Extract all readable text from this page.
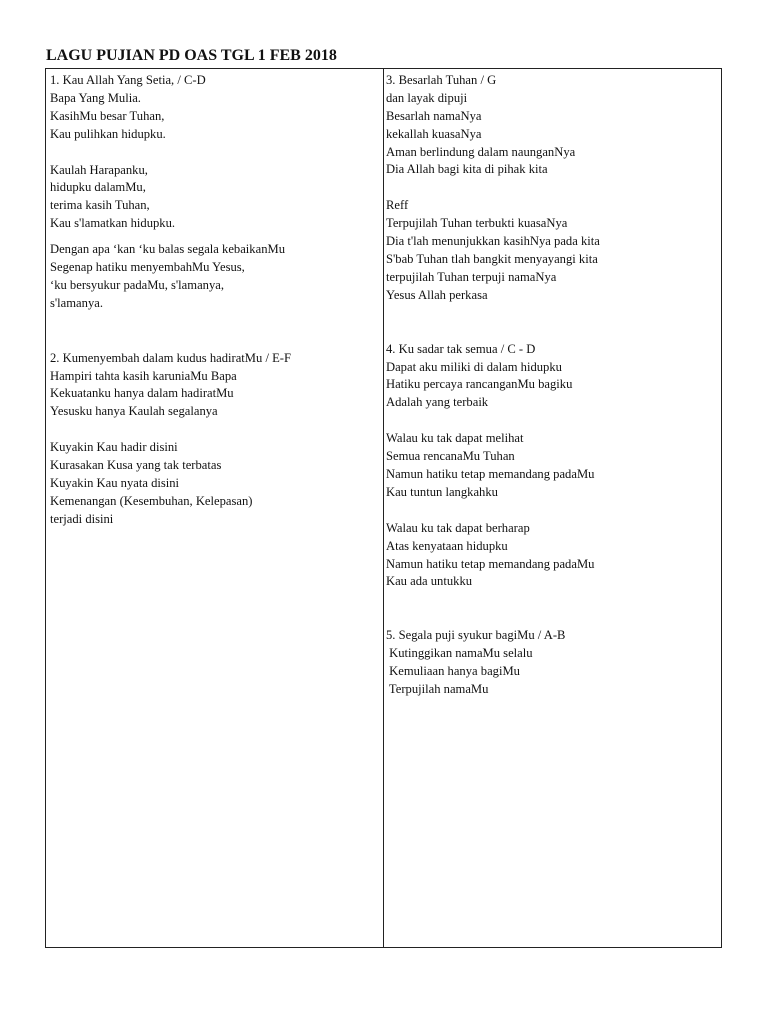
LAGU PUJIAN PD OAS TGL 1 FEB 2018
1. Kau Allah Yang Setia, / C-D
Bapa Yang Mulia.
KasihMu besar Tuhan,
Kau pulihkan hidupku.
Kaulah Harapanku,
hidupku dalamMu,
terima kasih Tuhan,
Kau s'lamatkan hidupku.
Dengan apa ‘kan ‘ku balas segala kebaikanMu
Segenap hatiku menyembahMu Yesus,
‘ku bersyukur padaMu, s'lamanya,
s'lamanya.
2. Kumenyembah dalam kudus hadiratMu / E-F
Hampiri tahta kasih karuniaMu Bapa
Kekuatanku hanya dalam hadiratMu
Yesusku hanya Kaulah segalanya
Kuyakin Kau hadir disini
Kurasakan Kusa yang tak terbatas
Kuyakin Kau nyata disini
Kemenangan (Kesembuhan, Kelepasan)
terjadi disini
3. Besarlah Tuhan / G
dan layak dipuji
Besarlah namaNya
kekallah kuasaNya
Aman berlindung dalam naunganNya
Dia Allah bagi kita di pihak kita
Reff
Terpujilah Tuhan terbukti kuasaNya
Dia t'lah menunjukkan kasihNya pada kita
S'bab Tuhan tlah bangkit menyayangi kita
terpujilah Tuhan terpuji namaNya
Yesus Allah perkasa
4. Ku sadar tak semua / C - D
Dapat aku miliki di dalam hidupku
Hatiku percaya rancanganMu bagiku
Adalah yang terbaik
Walau ku tak dapat melihat
Semua rencanaMu Tuhan
Namun hatiku tetap memandang padaMu
Kau tuntun langkahku
Walau ku tak dapat berharap
Atas kenyataan hidupku
Namun hatiku tetap memandang padaMu
Kau ada untukku
5. Segala puji syukur bagiMu / A-B
Kutinggikan namaMu selalu
Kemuliaan hanya bagiMu
Terpujilah namaMu
